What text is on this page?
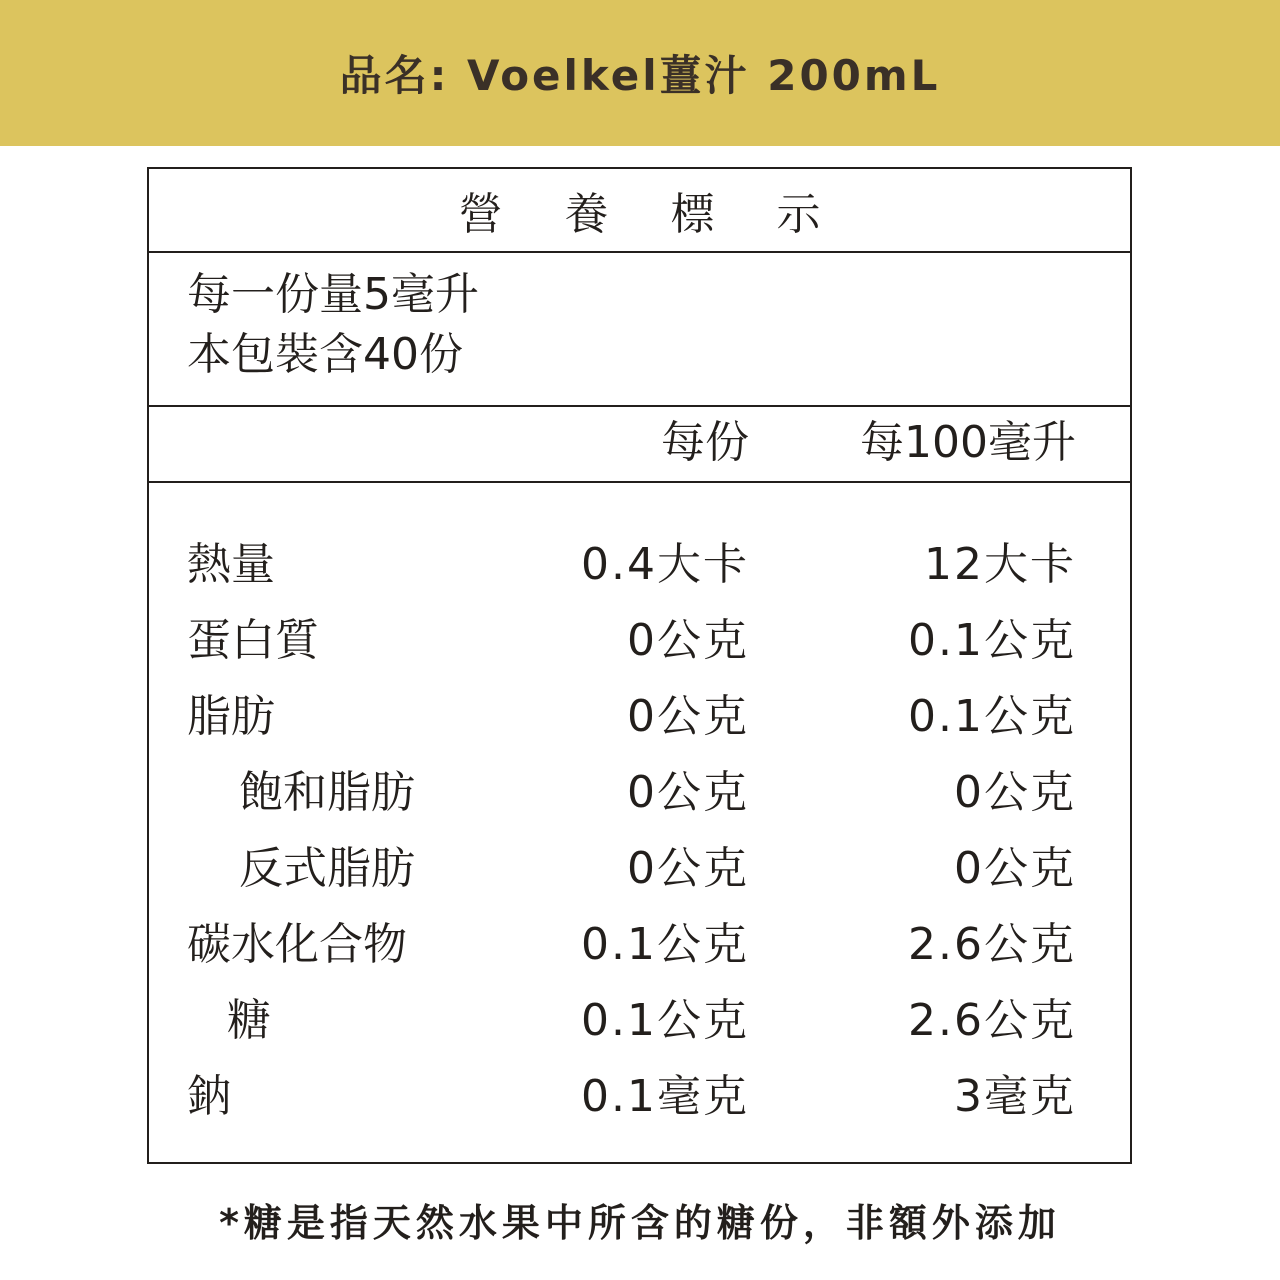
品名: Voelkel薑汁 200mL
營 養 標 示
每一份量5毫升
本包裝含40份
每份	每100毫升
熱量	0.4大卡	12大卡
蛋白質	0公克	0.1公克
脂肪	0公克	0.1公克
飽和脂肪	0公克	0公克
反式脂肪	0公克	0公克
碳水化合物	0.1公克	2.6公克
糖	0.1公克	2.6公克
鈉	0.1毫克	3毫克
*糖是指天然水果中所含的糖份，非額外添加
